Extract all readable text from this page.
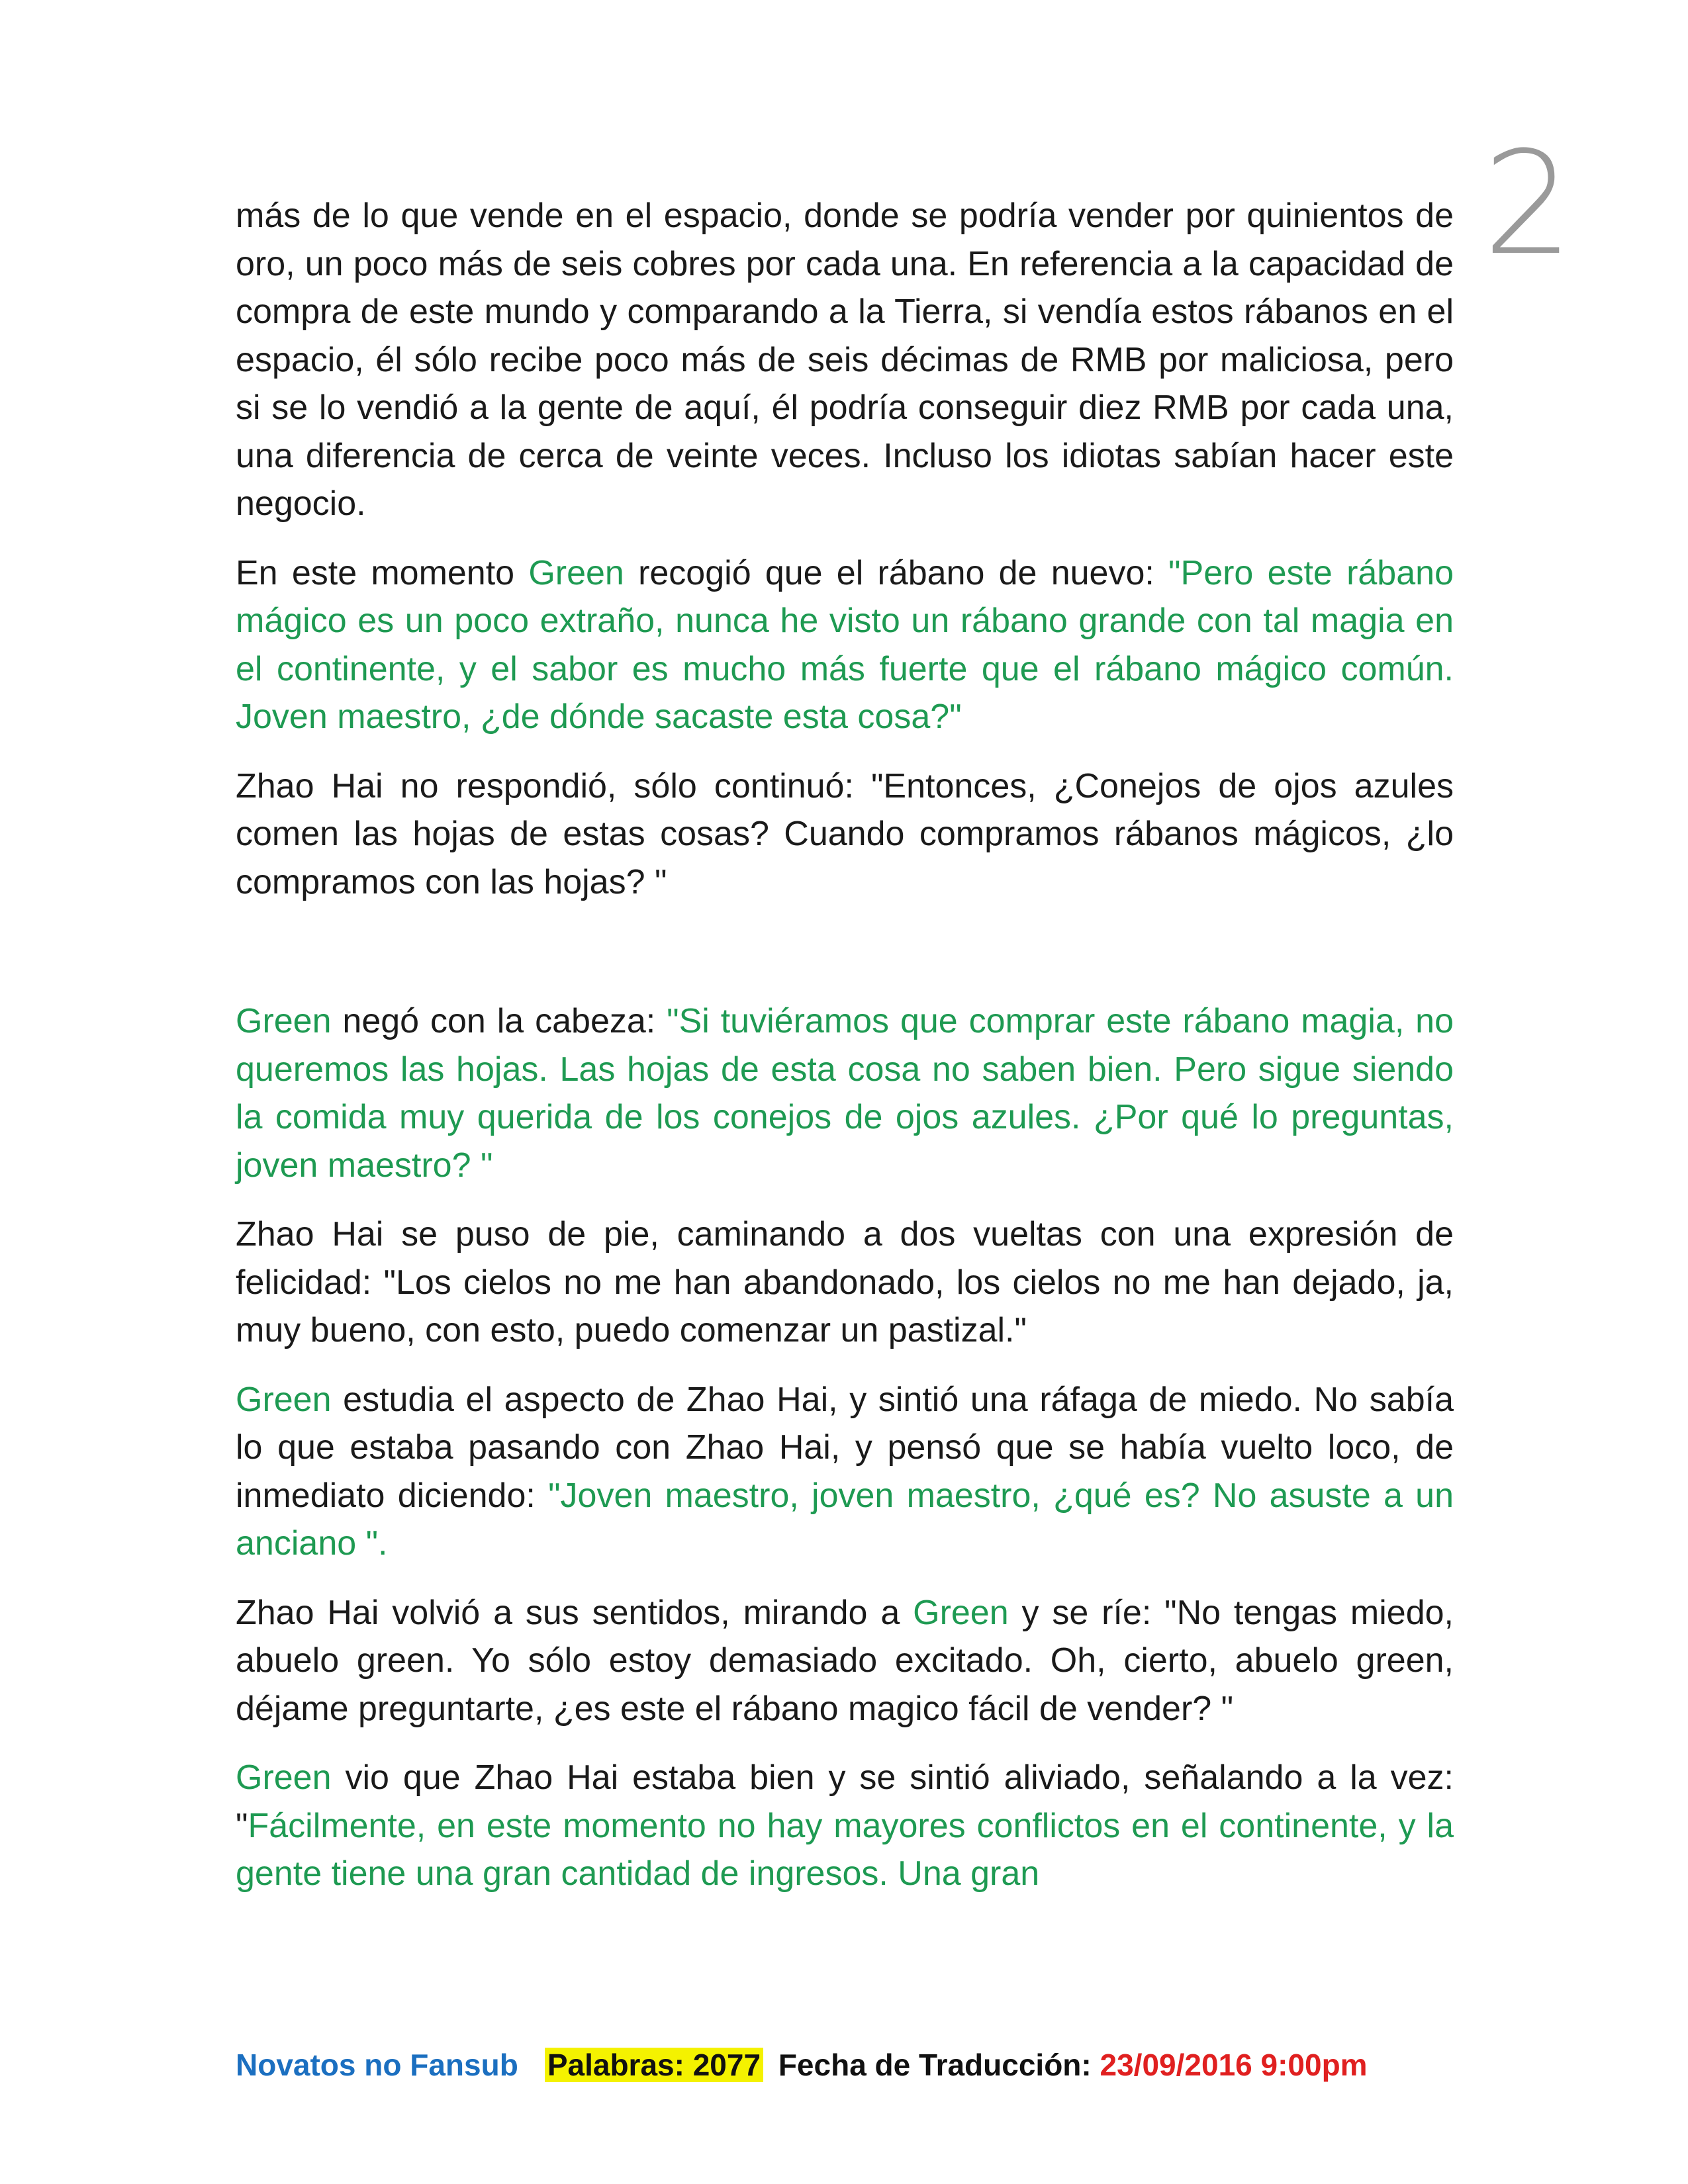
2

más de lo que vende en el espacio, donde se podría vender por quinientos de oro, un poco más de seis cobres por cada una. En referencia a la capacidad de compra de este mundo y comparando a la Tierra, si vendía estos rábanos en el espacio, él sólo recibe poco más de seis décimas de RMB por maliciosa, pero si se lo vendió a la gente de aquí, él podría conseguir diez RMB por cada una, una diferencia de cerca de veinte veces. Incluso los idiotas sabían hacer este negocio.

En este momento Green recogió que el rábano de nuevo: "Pero este rábano mágico es un poco extraño, nunca he visto un rábano grande con tal magia en el continente, y el sabor es mucho más fuerte que el rábano mágico común. Joven maestro, ¿de dónde sacaste esta cosa?"

Zhao Hai no respondió, sólo continuó: "Entonces, ¿Conejos de ojos azules comen las hojas de estas cosas? Cuando compramos rábanos mágicos, ¿lo compramos con las hojas? "

Green negó con la cabeza: "Si tuviéramos que comprar este rábano magia, no queremos las hojas. Las hojas de esta cosa no saben bien. Pero sigue siendo la comida muy querida de los conejos de ojos azules. ¿Por qué lo preguntas, joven maestro? "

Zhao Hai se puso de pie, caminando a dos vueltas con una expresión de felicidad: "Los cielos no me han abandonado, los cielos no me han dejado, ja, muy bueno, con esto, puedo comenzar un pastizal."

Green estudia el aspecto de Zhao Hai, y sintió una ráfaga de miedo. No sabía lo que estaba pasando con Zhao Hai, y pensó que se había vuelto loco, de inmediato diciendo: "Joven maestro, joven maestro, ¿qué es? No asuste a un anciano ".

Zhao Hai volvió a sus sentidos, mirando a Green y se ríe: "No tengas miedo, abuelo green. Yo sólo estoy demasiado excitado. Oh, cierto, abuelo green, déjame preguntarte, ¿es este el rábano magico fácil de vender? "

Green vio que Zhao Hai estaba bien y se sintió aliviado, señalando a la vez: "Fácilmente, en este momento no hay mayores conflictos en el continente, y la gente tiene una gran cantidad de ingresos. Una gran

Novatos no Fansub Palabras: 2077 Fecha de Traducción: 23/09/2016 9:00pm
